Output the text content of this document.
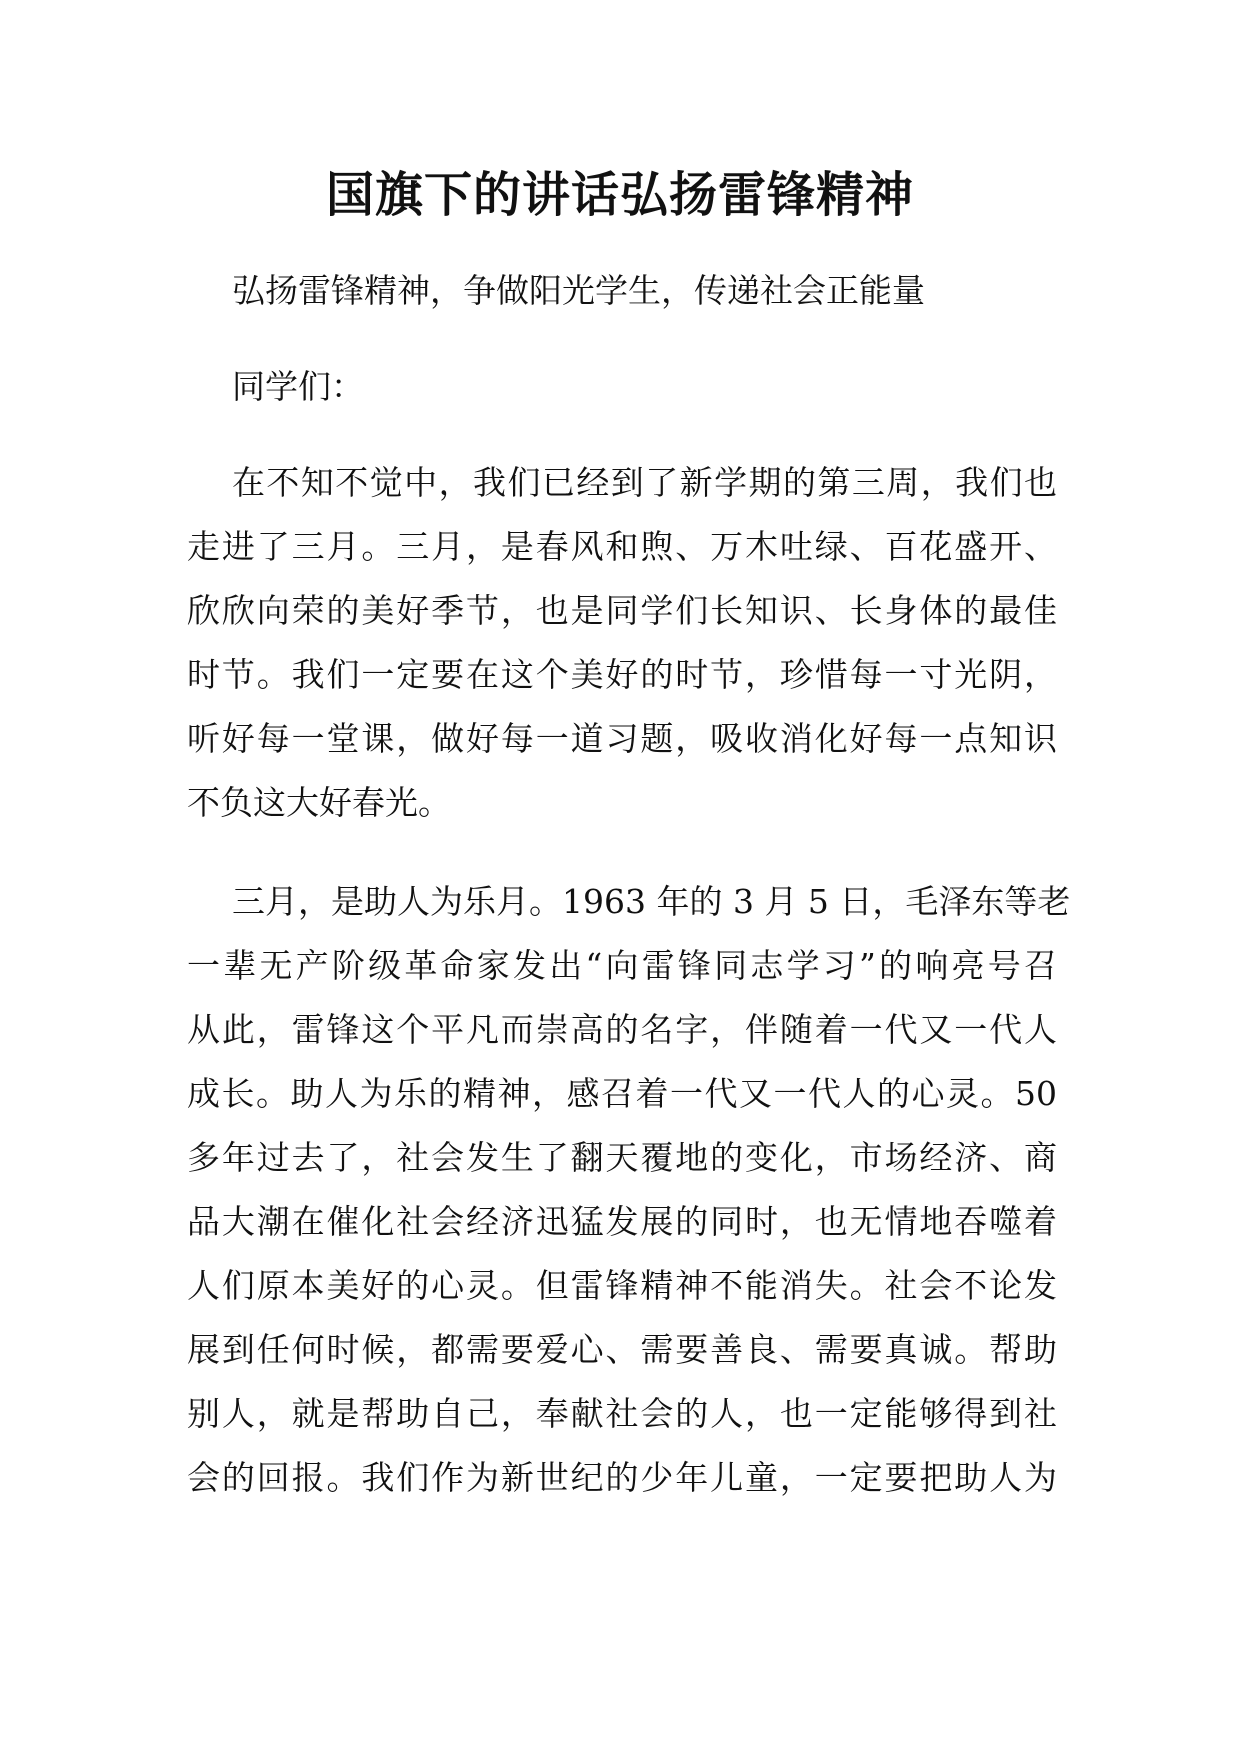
国旗下的讲话弘扬雷锋精神

弘扬雷锋精神，争做阳光学生，传递社会正能量

同学们：

在不知不觉中，我们已经到了新学期的第三周，我们也
走进了三月。三月，是春风和煦、万木吐绿、百花盛开、
欣欣向荣的美好季节，也是同学们长知识、长身体的最佳
时节。我们一定要在这个美好的时节，珍惜每一寸光阴，
听好每一堂课，做好每一道习题，吸收消化好每一点知识
不负这大好春光。
三月，是助人为乐月。1963 年的 3 月 5 日，毛泽东等老
一辈无产阶级革命家发出“向雷锋同志学习”的响亮号召
从此，雷锋这个平凡而崇高的名字，伴随着一代又一代人
成长。助人为乐的精神，感召着一代又一代人的心灵。50
多年过去了，社会发生了翻天覆地的变化，市场经济、商
品大潮在催化社会经济迅猛发展的同时，也无情地吞噬着
人们原本美好的心灵。但雷锋精神不能消失。社会不论发
展到任何时候，都需要爱心、需要善良、需要真诚。帮助
别人，就是帮助自己，奉献社会的人，也一定能够得到社
会的回报。我们作为新世纪的少年儿童，一定要把助人为
